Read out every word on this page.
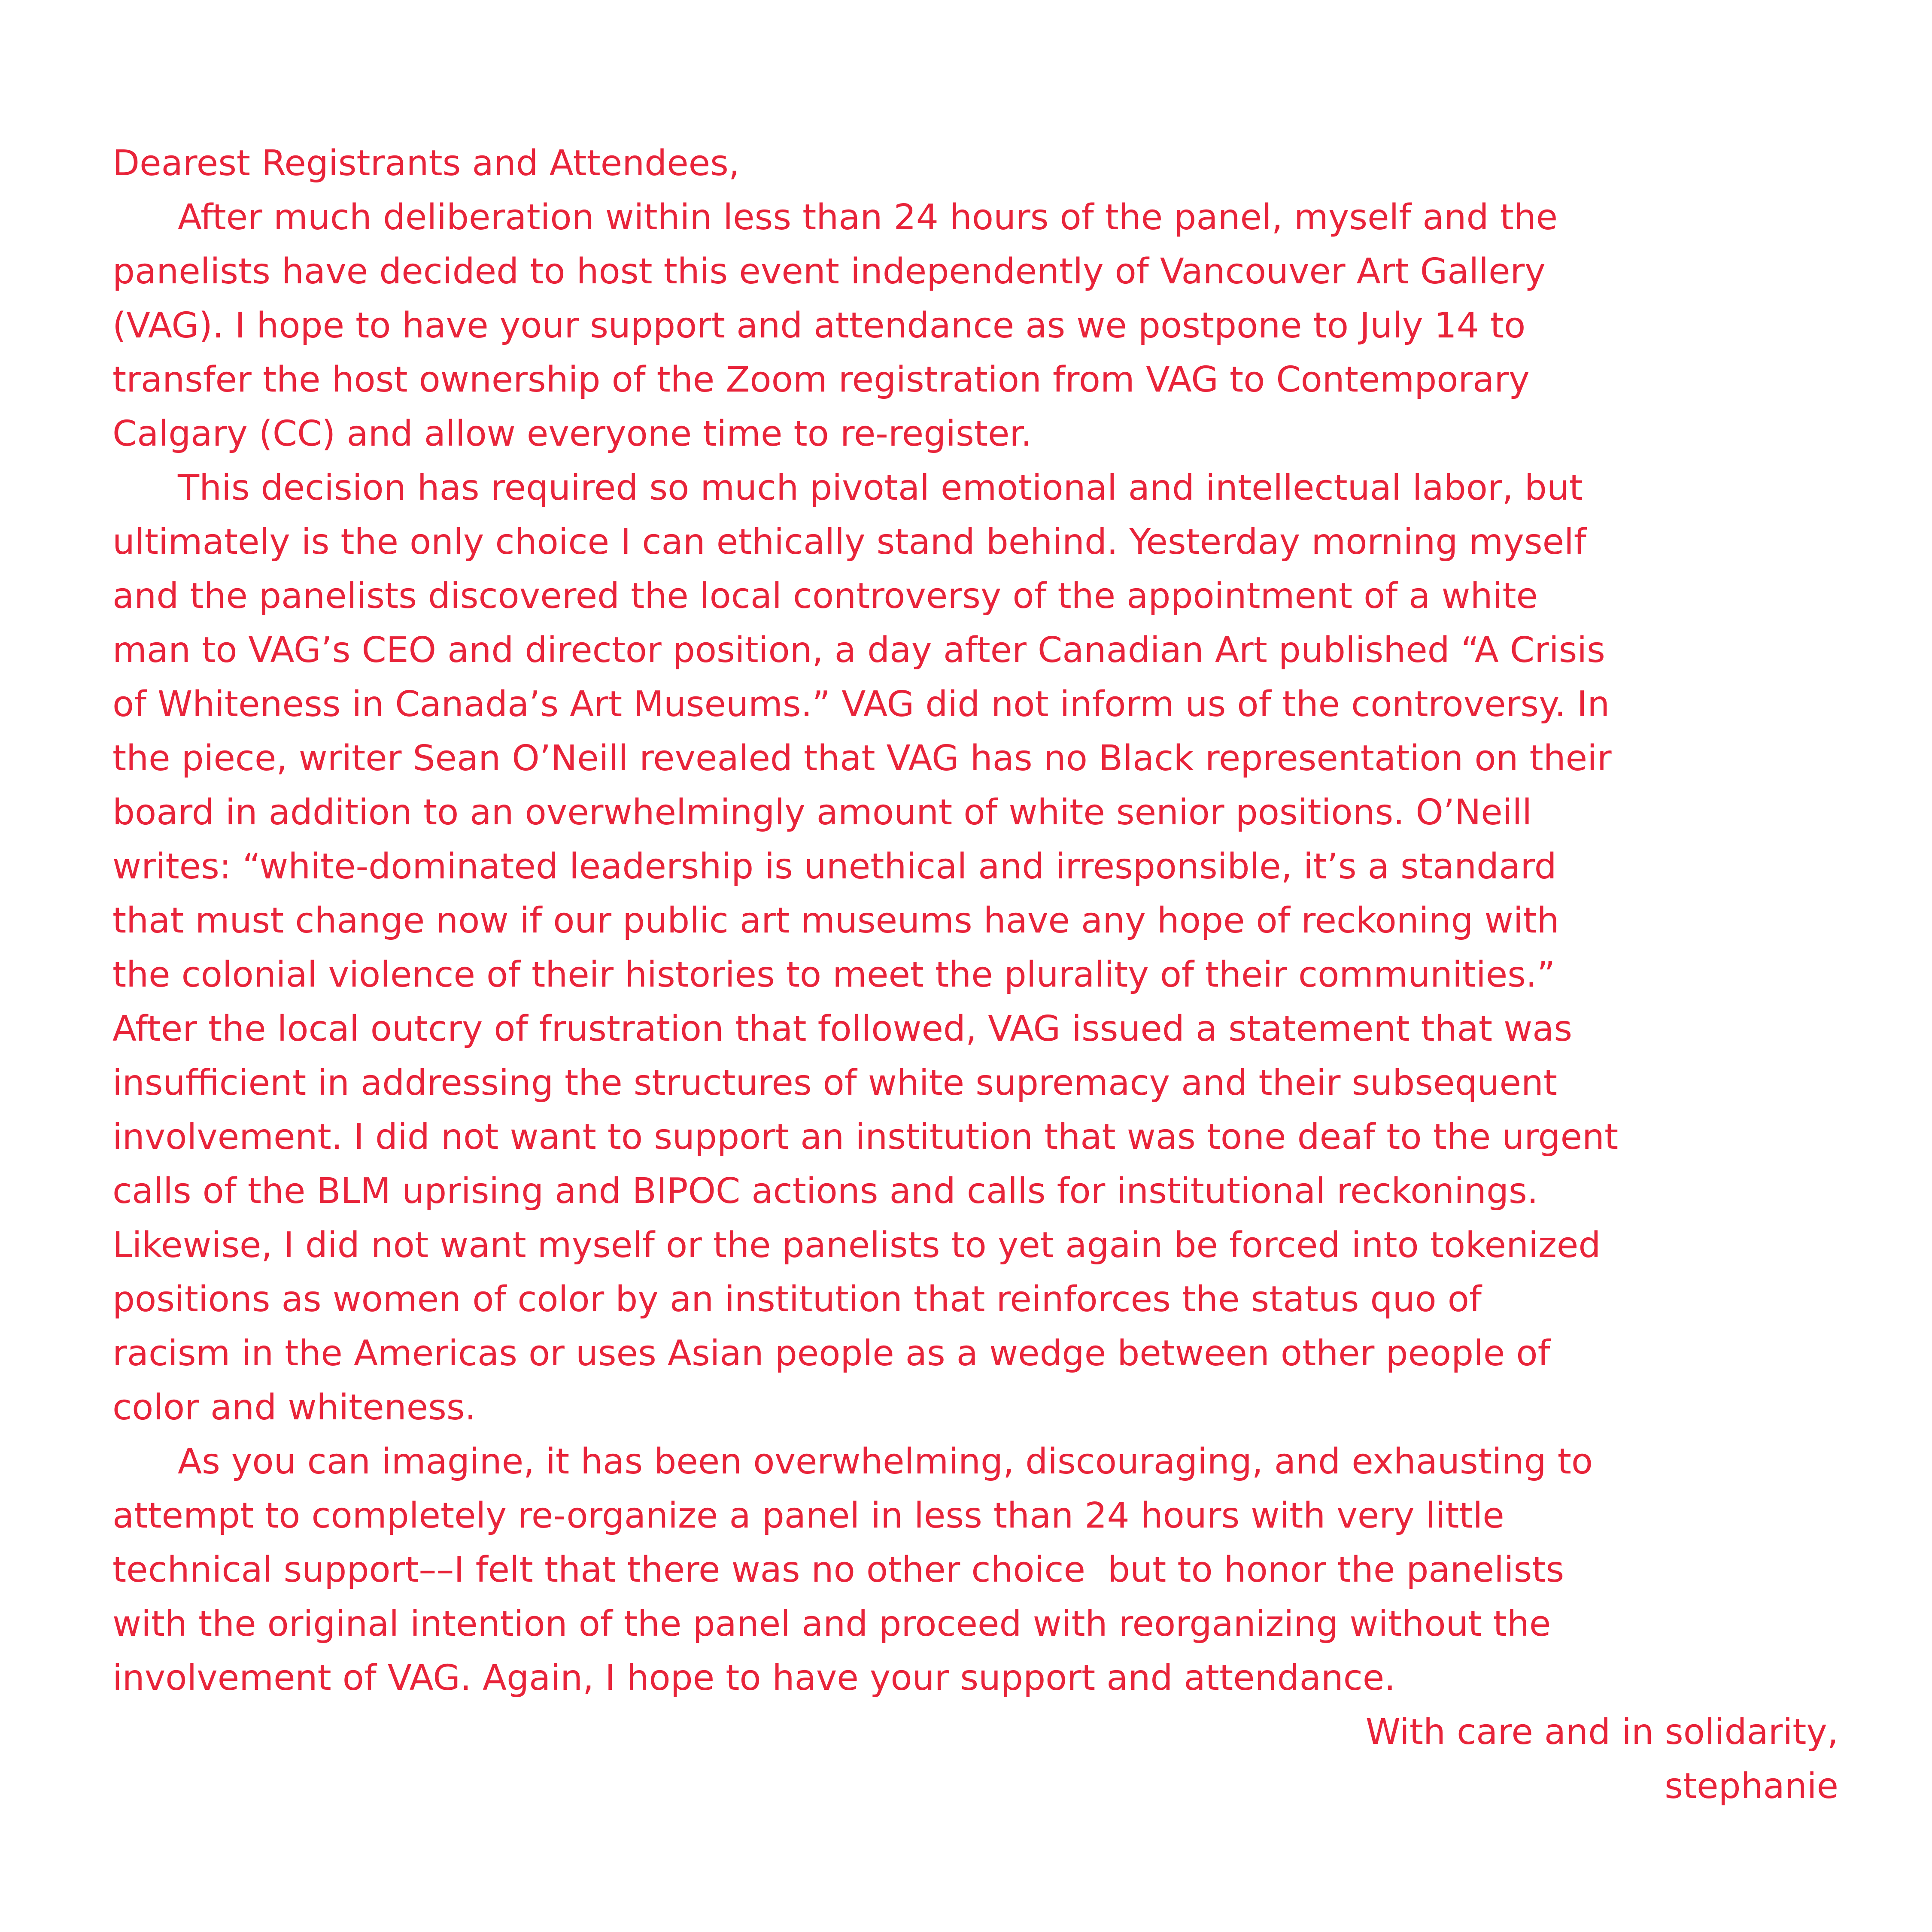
Dearest Registrants and Attendees,
After much deliberation within less than 24 hours of the panel, myself and the
panelists have decided to host this event independently of Vancouver Art Gallery
(VAG). I hope to have your support and attendance as we postpone to July 14 to
transfer the host ownership of the Zoom registration from VAG to Contemporary
Calgary (CC) and allow everyone time to re-register.
This decision has required so much pivotal emotional and intellectual labor, but
ultimately is the only choice I can ethically stand behind. Yesterday morning myself
and the panelists discovered the local controversy of the appointment of a white
man to VAG’s CEO and director position, a day after Canadian Art published “A Crisis
of Whiteness in Canada’s Art Museums.” VAG did not inform us of the controversy. In
the piece, writer Sean O’Neill revealed that VAG has no Black representation on their
board in addition to an overwhelmingly amount of white senior positions. O’Neill
writes: “white-dominated leadership is unethical and irresponsible, it’s a standard
that must change now if our public art museums have any hope of reckoning with
the colonial violence of their histories to meet the plurality of their communities.”
After the local outcry of frustration that followed, VAG issued a statement that was
insufficient in addressing the structures of white supremacy and their subsequent
involvement. I did not want to support an institution that was tone deaf to the urgent
calls of the BLM uprising and BIPOC actions and calls for institutional reckonings.
Likewise, I did not want myself or the panelists to yet again be forced into tokenized
positions as women of color by an institution that reinforces the status quo of
racism in the Americas or uses Asian people as a wedge between other people of
color and whiteness.
As you can imagine, it has been overwhelming, discouraging, and exhausting to
attempt to completely re-organize a panel in less than 24 hours with very little
technical support––I felt that there was no other choice  but to honor the panelists
with the original intention of the panel and proceed with reorganizing without the
involvement of VAG. Again, I hope to have your support and attendance.
With care and in solidarity,
stephanie
